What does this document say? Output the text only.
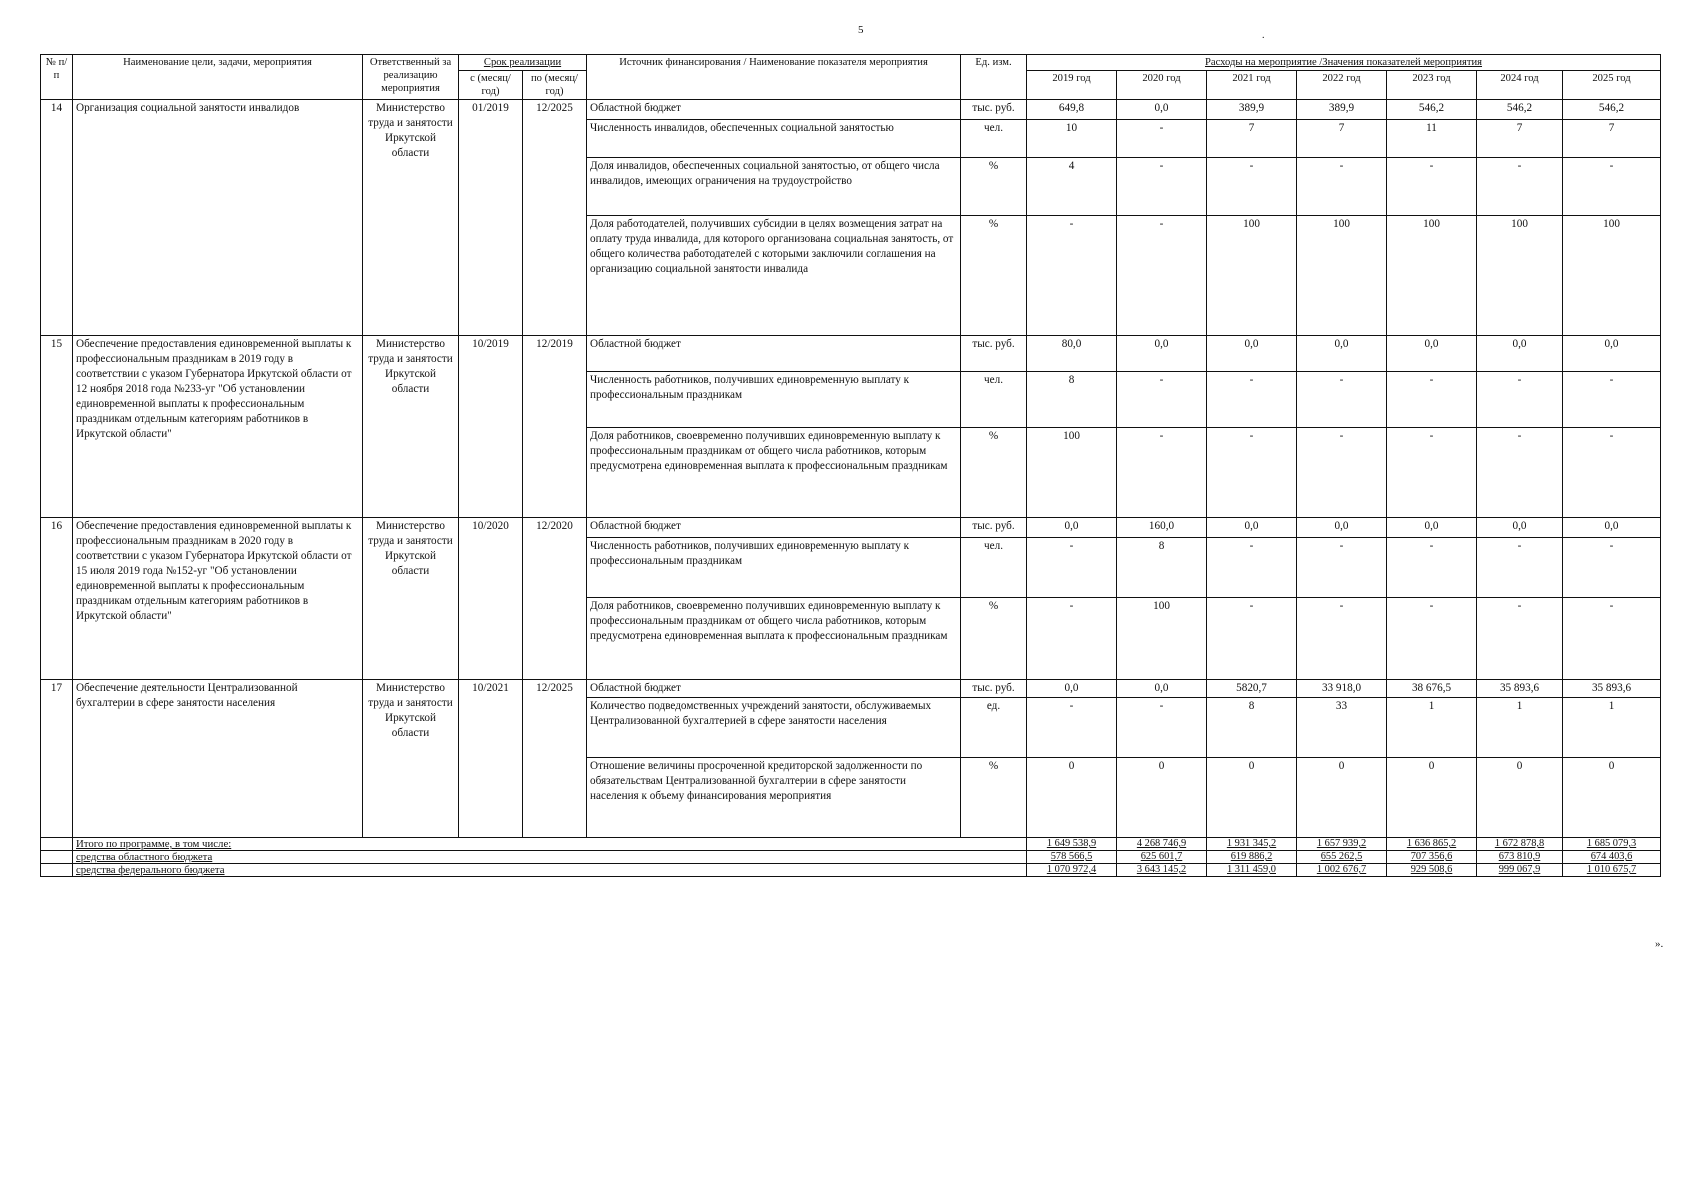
5	.
№ п/п	Наименование цели, задачи, мероприятия	Ответственный за реализацию мероприятия	Срок реализации		Источник финансирования / Наименование показателя мероприятия	Ед. изм.	Расходы на мероприятие /Значения показателей мероприятия						
			с (месяц/ год)	по (месяц/ год)			2019 год	2020 год	2021 год	2022 год	2023 год	2024 год	2025 год
14	Организация социальной занятости инвалидов	Министерство труда и занятости Иркутской области	01/2019	12/2025	Областной бюджет	тыс. руб.	649,8	0,0	389,9	389,9	546,2	546,2	546,2
					Численность инвалидов, обеспеченных социальной занятостью	чел.	10	-	7	7	11	7	7
					Доля инвалидов, обеспеченных социальной занятостью, от общего числа инвалидов, имеющих ограничения на трудоустройство	%	4	-	-	-	-	-	-
					Доля работодателей, получивших субсидии в целях возмещения затрат на оплату труда инвалида, для которого организована социальная занятость, от общего количества работодателей с которыми заключили соглашения на организацию социальной занятости инвалида	%	-	-	100	100	100	100	100
15	Обеспечение предоставления единовременной выплаты к профессиональным праздникам в 2019 году в соответствии с указом Губернатора Иркутской области от 12 ноября 2018 года №233-уг "Об установлении единовременной выплаты к профессиональным праздникам отдельным категориям работников в Иркутской области"	Министерство труда и занятости Иркутской области	10/2019	12/2019	Областной бюджет	тыс. руб.	80,0	0,0	0,0	0,0	0,0	0,0	0,0
					Численность работников, получивших единовременную выплату к профессиональным праздникам	чел.	8	-	-	-	-	-	-
					Доля работников, своевременно получивших единовременную выплату к профессиональным праздникам от общего числа работников, которым предусмотрена единовременная выплата к профессиональным праздникам	%	100	-	-	-	-	-	-
16	Обеспечение предоставления единовременной выплаты к профессиональным праздникам в 2020 году в соответствии с указом Губернатора Иркутской области от 15 июля 2019 года №152-уг "Об установлении единовременной выплаты к профессиональным праздникам отдельным категориям работников в Иркутской области"	Министерство труда и занятости Иркутской области	10/2020	12/2020	Областной бюджет	тыс. руб.	0,0	160,0	0,0	0,0	0,0	0,0	0,0
					Численность работников, получивших единовременную выплату к профессиональным праздникам	чел.	-	8	-	-	-	-	-
					Доля работников, своевременно получивших единовременную выплату к профессиональным праздникам от общего числа работников, которым предусмотрена единовременная выплата к профессиональным праздникам	%	-	100	-	-	-	-	-
17	Обеспечение деятельности Централизованной бухгалтерии в сфере занятости населения	Министерство труда и занятости Иркутской области	10/2021	12/2025	Областной бюджет	тыс. руб.	0,0	0,0	5820,7	33 918,0	38 676,5	35 893,6	35 893,6
					Количество подведомственных учреждений занятости, обслуживаемых Централизованной бухгалтерией в сфере занятости населения	ед.	-	-	8	33	1	1	1
					Отношение величины просроченной кредиторской задолженности по обязательствам Централизованной бухгалтерии в сфере занятости населения к объему финансирования мероприятия	%	0	0	0	0	0	0	0
	Итого по программе, в том числе:						1 649 538,9	4 268 746,9	1 931 345,2	1 657 939,2	1 636 865,2	1 672 878,8	1 685 079,3
	средства областного бюджета						578 566,5	625 601,7	619 886,2	655 262,5	707 356,6	673 810,9	674 403,6
	средства федерального бюджета						1 070 972,4	3 643 145,2	1 311 459,0	1 002 676,7	929 508,6	999 067,9	1 010 675,7
».
